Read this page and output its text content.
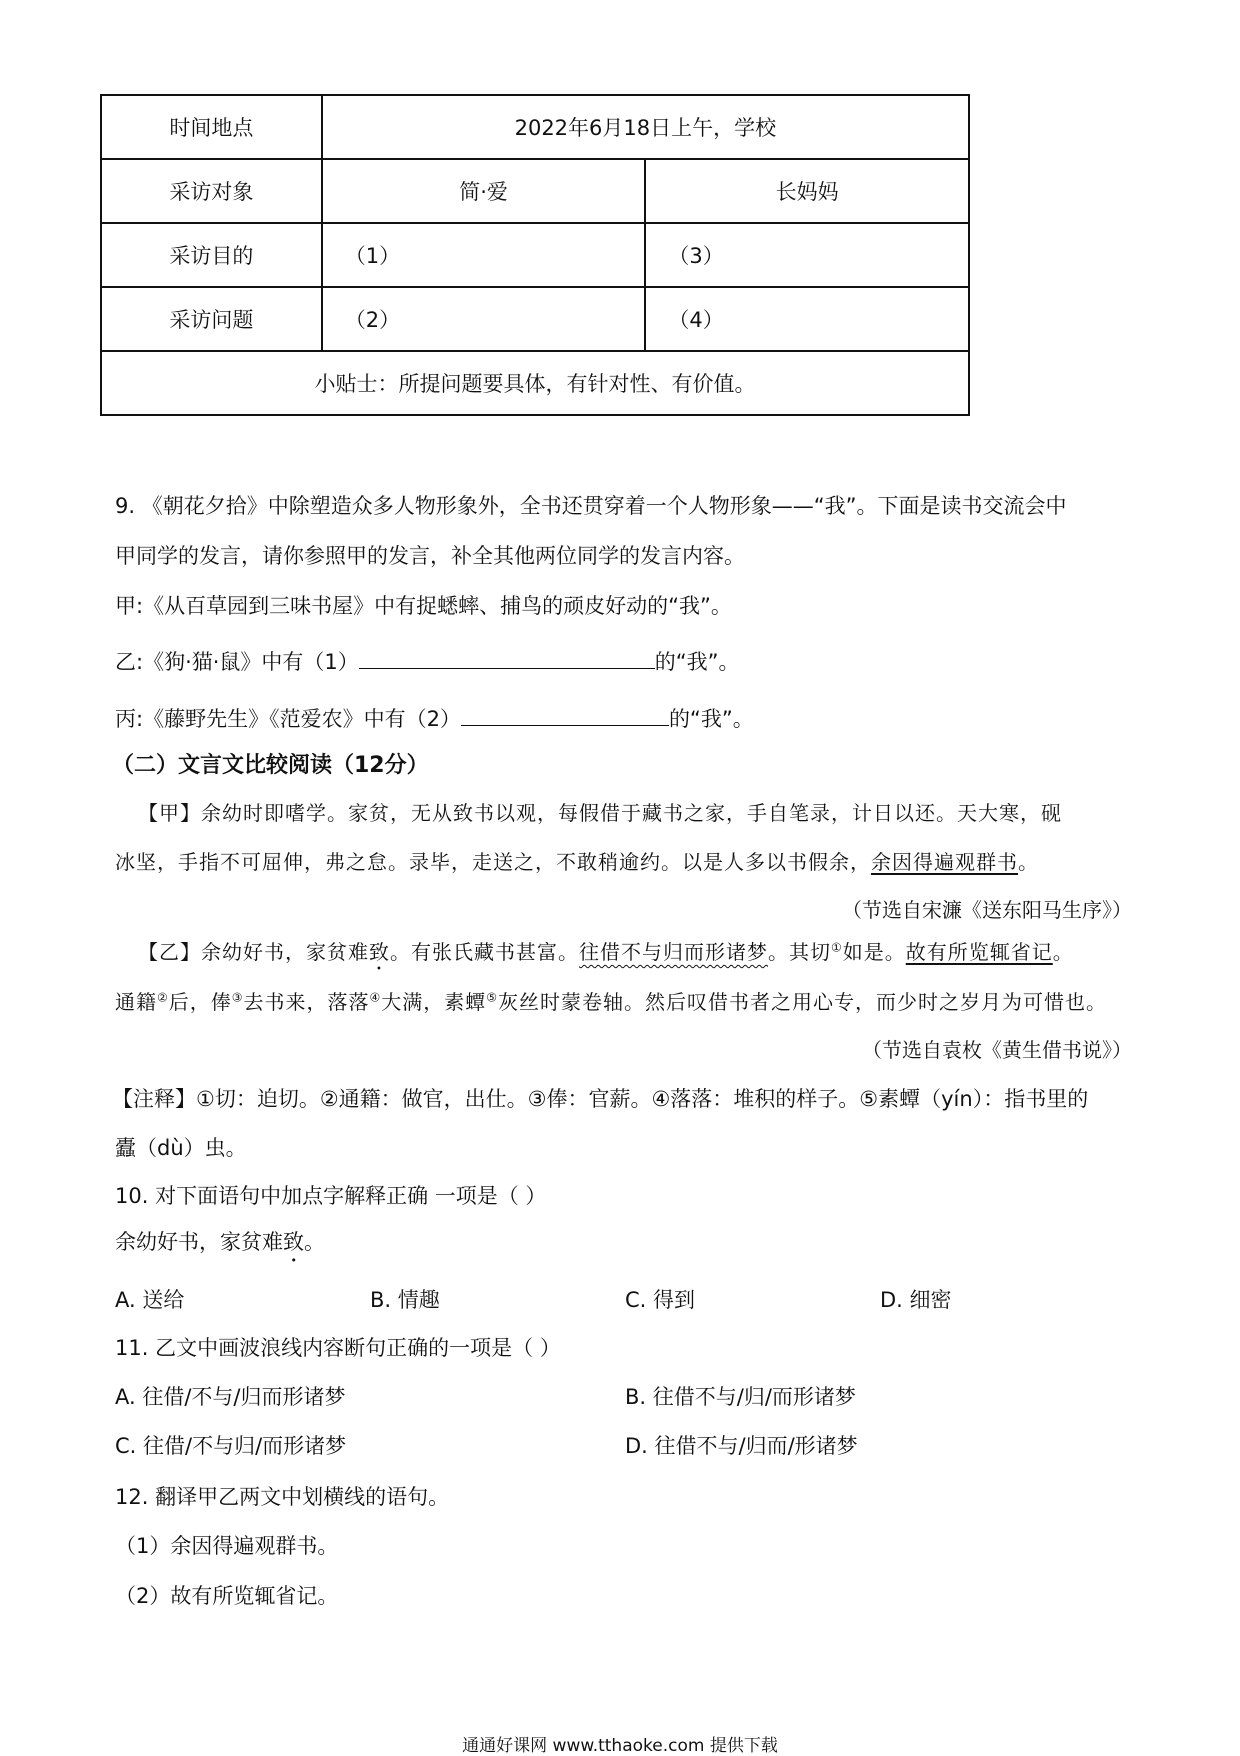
时间地点	2022年6月18日上午，学校	
采访对象	简·爱	长妈妈
采访目的	（1）	（3）
采访问题	（2）	（4）
小贴士：所提问题要具体，有针对性、有价值。		
9. 《朝花夕拾》中除塑造众多人物形象外，全书还贯穿着一个人物形象——“我”。下面是读书交流会中
甲同学的发言，请你参照甲的发言，补全其他两位同学的发言内容。
甲:《从百草园到三味书屋》中有捉蟋蟀、捕鸟的顽皮好动的“我”。
乙:《狗·猫·鼠》中有（1）	的“我”。
丙:《藤野先生》《范爱农》中有（2）	的“我”。
（二）文言文比较阅读（12分）
【甲】余幼时即嗜学。家贫，无从致书以观，每假借于藏书之家，手自笔录，计日以还。天大寒，砚
冰坚，手指不可屈伸，弗之怠。录毕，走送之，不敢稍逾约。以是人多以书假余，余因得遍观群书。
（节选自宋濂《送东阳马生序》）
【乙】余幼好书，家贫难致。有张氏藏书甚富。往借不与归而形诸梦。其切①如是。故有所览辄省记。
通籍②后，俸③去书来，落落④大满，素蟫⑤灰丝时蒙卷轴。然后叹借书者之用心专，而少时之岁月为可惜也。
（节选自袁枚《黄生借书说》）
【注释】①切：迫切。②通籍：做官，出仕。③俸：官薪。④落落：堆积的样子。⑤素蟫（yín）：指书里的
蠹（dù）虫。
10. 对下面语句中加点字解释正确 一项是（ ）
余幼好书，家贫难致。
A. 送给	B. 情趣	C. 得到	D. 细密
11. 乙文中画波浪线内容断句正确的一项是（ ）
A. 往借/不与/归而形诸梦	B. 往借不与/归/而形诸梦
C. 往借/不与归/而形诸梦	D. 往借不与/归而/形诸梦
12. 翻译甲乙两文中划横线的语句。
（1）余因得遍观群书。
（2）故有所览辄省记。
通通好课网 www.tthaoke.com 提供下载
